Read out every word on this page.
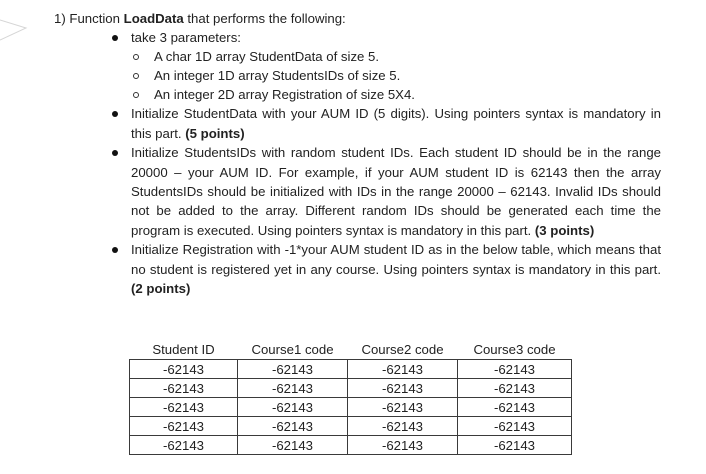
1) Function LoadData that performs the following:

take 3 parameters:
A char 1D array StudentData of size 5.
An integer 1D array StudentsIDs of size 5.
An integer 2D array Registration of size 5X4.
Initialize StudentData with your AUM ID (5 digits). Using pointers syntax is mandatory in this part. (5 points)
Initialize StudentsIDs with random student IDs. Each student ID should be in the range 20000 – your AUM ID. For example, if your AUM student ID is 62143 then the array StudentsIDs should be initialized with IDs in the range 20000 – 62143. Invalid IDs should not be added to the array. Different random IDs should be generated each time the program is executed. Using pointers syntax is mandatory in this part. (3 points)
Initialize Registration with -1*your AUM student ID as in the below table, which means that no student is registered yet in any course. Using pointers syntax is mandatory in this part. (2 points)
Student ID	Course1 code	Course2 code	Course3 code
-62143	-62143	-62143	-62143
-62143	-62143	-62143	-62143
-62143	-62143	-62143	-62143
-62143	-62143	-62143	-62143
-62143	-62143	-62143	-62143
